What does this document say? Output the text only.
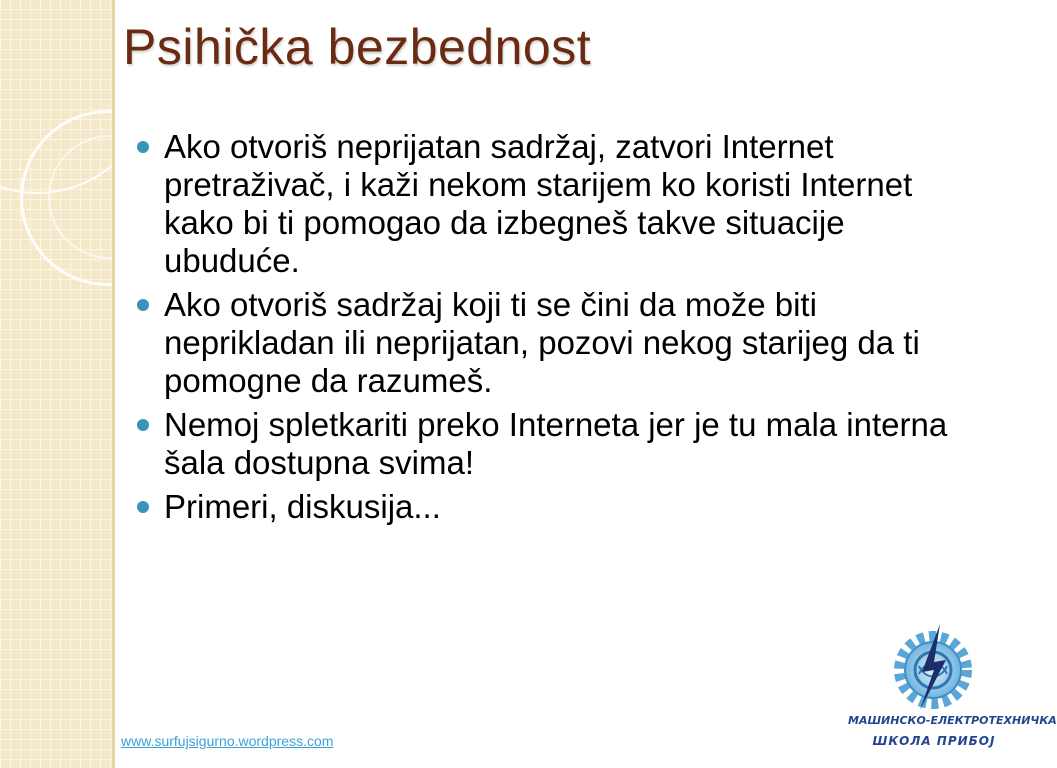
Psihička bezbednost
Ako otvoriš neprijatan sadržaj, zatvori Internet pretraživač, i kaži nekom starijem ko koristi Internet kako bi ti pomogao da izbegneš takve situacije ubuduće.
Ako otvoriš sadržaj koji ti se čini da može biti neprikladan ili neprijatan, pozovi nekog starijeg da ti pomogne da razumeš.
Nemoj spletkariti preko Interneta jer je tu mala interna šala dostupna svima!
Primeri, diskusija...
www.surfujsigurno.wordpress.com
МАШИНСКО-ЕЛЕКТРОТЕХНИЧКА
ШКОЛА ПРИБОЈ
